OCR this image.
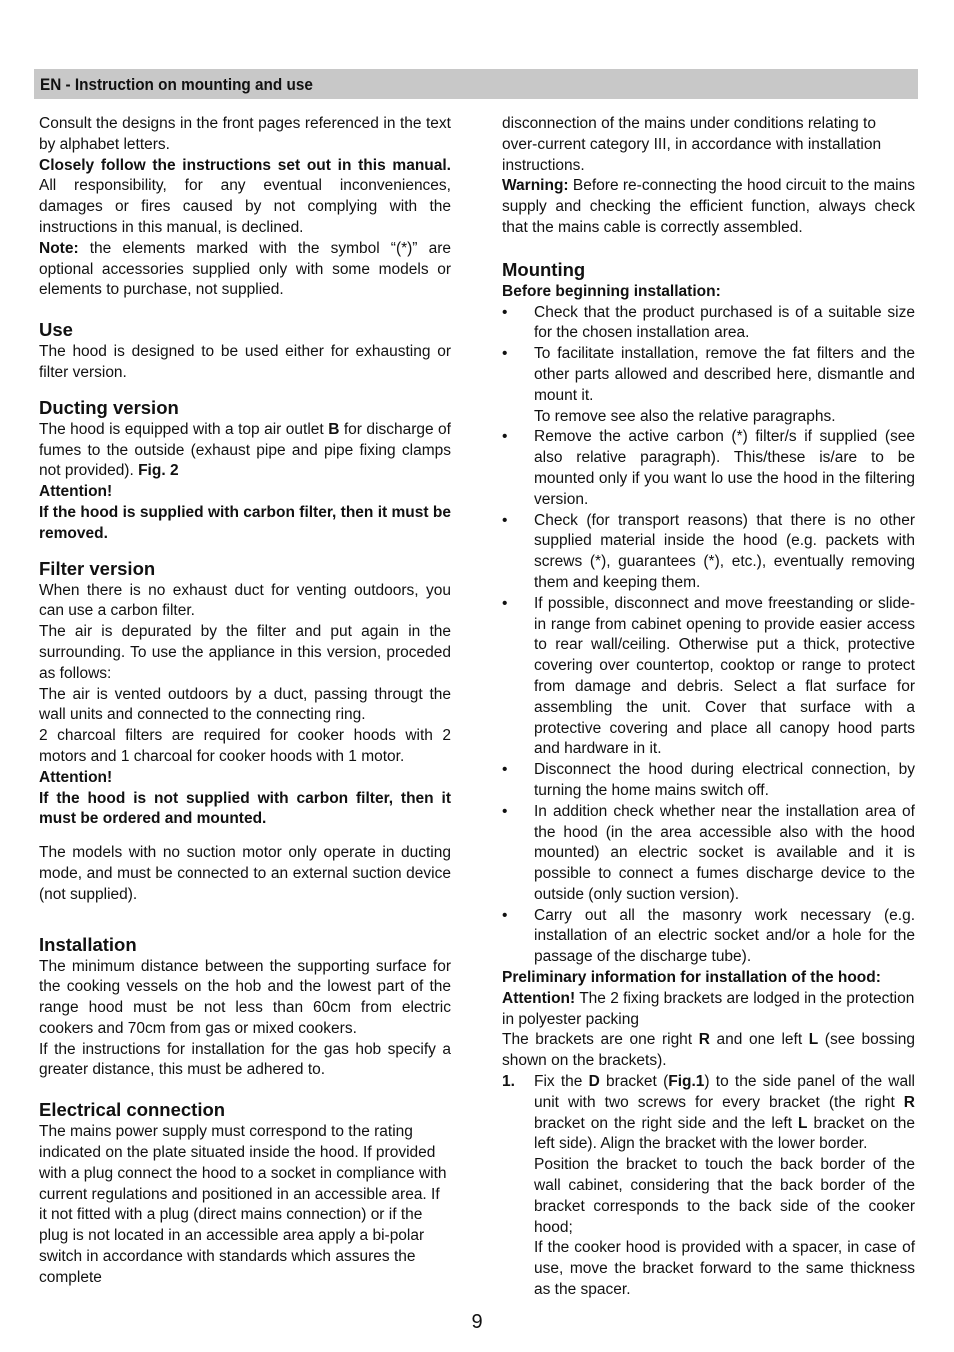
EN - Instruction on mounting and use

Consult the designs in the front pages referenced in the text by alphabet letters.

Closely follow the instructions set out in this manual. All responsibility, for any eventual inconveniences, damages or fires caused by not complying with the instructions in this manual, is declined.

Note: the elements marked with the symbol “(*)” are optional accessories supplied only with some models or elements to purchase, not supplied.

Use

The hood is designed to be used either for exhausting or filter version.

Ducting version

The hood is equipped with a top air outlet B for discharge of fumes to the outside (exhaust pipe and pipe fixing clamps not provided). Fig. 2

Attention!

If the hood is supplied with carbon filter, then it must be removed.

Filter version

When there is no exhaust duct for venting outdoors, you can use a carbon filter.

The air is depurated by the filter and put again in the surrounding. To use the appliance in this version, proceded as follows:

The air is vented outdoors by a duct, passing througt the wall units and connected to the connecting ring.

2 charcoal filters are required for cooker hoods with 2 motors and 1 charcoal for cooker hoods with 1 motor.

Attention!

If the hood is not supplied with carbon filter, then it must be ordered and mounted.

The models with no suction motor only operate in ducting mode, and must be connected to an external suction device (not supplied).

Installation

The minimum distance between the supporting surface for the cooking vessels on the hob and the lowest part of the range hood must be not less than 60cm from electric cookers and 70cm from gas or mixed cookers.

If the instructions for installation for the gas hob specify a greater distance, this must be adhered to.

Electrical connection

The mains power supply must correspond to the rating indicated on the plate situated inside the hood. If provided with a plug connect the hood to a socket in compliance with current regulations and positioned in an accessible area. If it not fitted with a plug (direct mains connection) or if the plug is not located in an accessible area apply a bi-polar switch in accordance with standards which assures the complete

disconnection of the mains under conditions relating to over-current category III, in accordance with installation instructions.

Warning: Before re-connecting the hood circuit to the mains supply and checking the efficient function, always check that the mains cable is correctly assembled.

Mounting
Before beginning installation:
• Check that the product purchased is of a suitable size for the chosen installation area.
• To facilitate installation, remove the fat filters and the other parts allowed and described here, dismantle and mount it.
To remove see also the relative paragraphs.
• Remove the active carbon (*) filter/s if supplied (see also relative paragraph). This/these is/are to be mounted only if you want lo use the hood in the filtering version.
• Check (for transport reasons) that there is no other supplied material inside the hood (e.g. packets with screws (*), guarantees (*), etc.), eventually removing them and keeping them.
• If possible, disconnect and move freestanding or slide-in range from cabinet opening to provide easier access to rear wall/ceiling. Otherwise put a thick, protective covering over countertop, cooktop or range to protect from damage and debris. Select a flat surface for assembling the unit. Cover that surface with a protective covering and place all canopy hood parts and hardware in it.
• Disconnect the hood during electrical connection, by turning the home mains switch off.
• In addition check whether near the installation area of the hood (in the area accessible also with the hood mounted) an electric socket is available and it is possible to connect a fumes discharge device to the outside (only suction version).
• Carry out all the masonry work necessary (e.g. installation of an electric socket and/or a hole for the passage of the discharge tube).
Preliminary information for installation of the hood:

Attention! The 2 fixing brackets are lodged in the protection in polyester packing

The brackets are one right R and one left L (see bossing shown on the brackets).

1. Fix the D bracket (Fig.1) to the side panel of the wall unit with two screws for every bracket (the right R bracket on the right side and the left L bracket on the left side). Align the bracket with the lower border.
Position the bracket to touch the back border of the wall cabinet, considering that the back border of the bracket corresponds to the back side of the cooker hood;
If the cooker hood is provided with a spacer, in case of use, move the bracket forward to the same thickness as the spacer.
9
